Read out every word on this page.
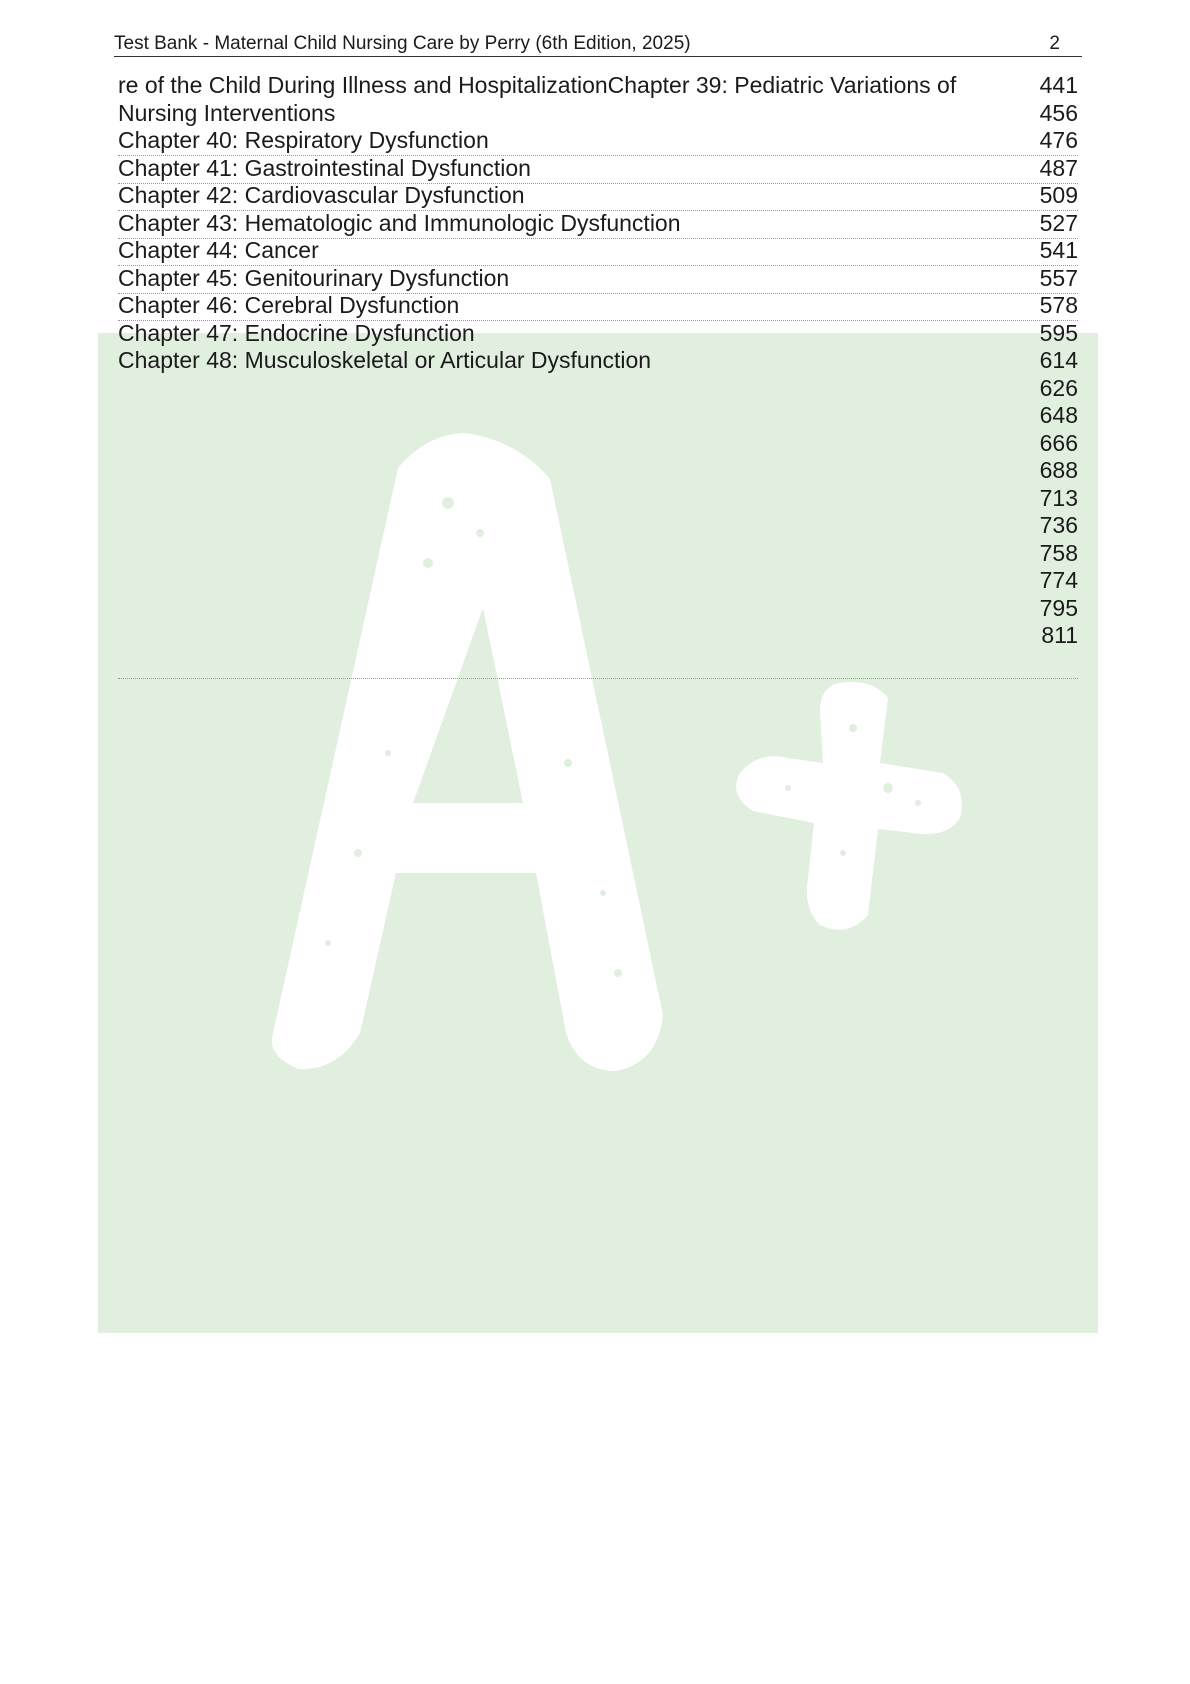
Test Bank - Maternal Child Nursing Care by Perry (6th Edition, 2025)	2
re of the Child During Illness and HospitalizationChapter 39: Pediatric Variations of
Nursing Interventions
Chapter 40: Respiratory Dysfunction
Chapter 41: Gastrointestinal Dysfunction
Chapter 42: Cardiovascular Dysfunction
Chapter 43: Hematologic and Immunologic Dysfunction
Chapter 44: Cancer
Chapter 45: Genitourinary Dysfunction
Chapter 46: Cerebral Dysfunction
Chapter 47: Endocrine Dysfunction
Chapter 48: Musculoskeletal or Articular Dysfunction
441
456
476
487
509
527
541
557
578
595
614
626
648
666
688
713
736
758
774
795
811
